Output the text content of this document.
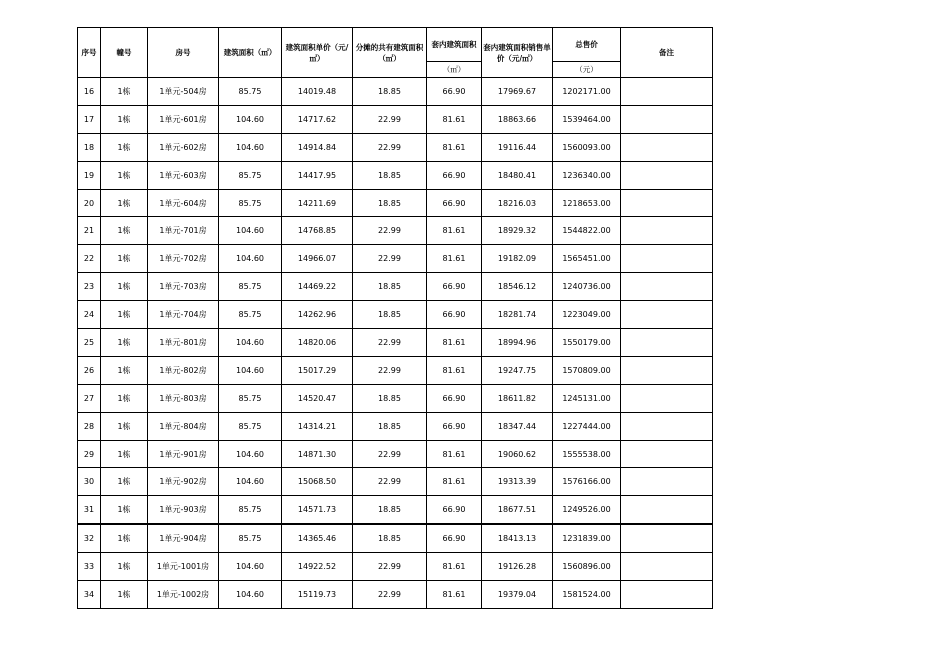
序号	幢号	房号	建筑面积（㎡）	建筑面积单价（元/㎡）	分摊的共有建筑面积（㎡）	套内建筑面积	套内建筑面积销售单价（元/㎡）	总售价	备注
						（㎡）		（元）	
16	1栋	1单元-504房	85.75	14019.48	18.85	66.90	17969.67	1202171.00	
17	1栋	1单元-601房	104.60	14717.62	22.99	81.61	18863.66	1539464.00	
18	1栋	1单元-602房	104.60	14914.84	22.99	81.61	19116.44	1560093.00	
19	1栋	1单元-603房	85.75	14417.95	18.85	66.90	18480.41	1236340.00	
20	1栋	1单元-604房	85.75	14211.69	18.85	66.90	18216.03	1218653.00	
21	1栋	1单元-701房	104.60	14768.85	22.99	81.61	18929.32	1544822.00	
22	1栋	1单元-702房	104.60	14966.07	22.99	81.61	19182.09	1565451.00	
23	1栋	1单元-703房	85.75	14469.22	18.85	66.90	18546.12	1240736.00	
24	1栋	1单元-704房	85.75	14262.96	18.85	66.90	18281.74	1223049.00	
25	1栋	1单元-801房	104.60	14820.06	22.99	81.61	18994.96	1550179.00	
26	1栋	1单元-802房	104.60	15017.29	22.99	81.61	19247.75	1570809.00	
27	1栋	1单元-803房	85.75	14520.47	18.85	66.90	18611.82	1245131.00	
28	1栋	1单元-804房	85.75	14314.21	18.85	66.90	18347.44	1227444.00	
29	1栋	1单元-901房	104.60	14871.30	22.99	81.61	19060.62	1555538.00	
30	1栋	1单元-902房	104.60	15068.50	22.99	81.61	19313.39	1576166.00	
31	1栋	1单元-903房	85.75	14571.73	18.85	66.90	18677.51	1249526.00	
32	1栋	1单元-904房	85.75	14365.46	18.85	66.90	18413.13	1231839.00	
33	1栋	1单元-1001房	104.60	14922.52	22.99	81.61	19126.28	1560896.00	
34	1栋	1单元-1002房	104.60	15119.73	22.99	81.61	19379.04	1581524.00	
